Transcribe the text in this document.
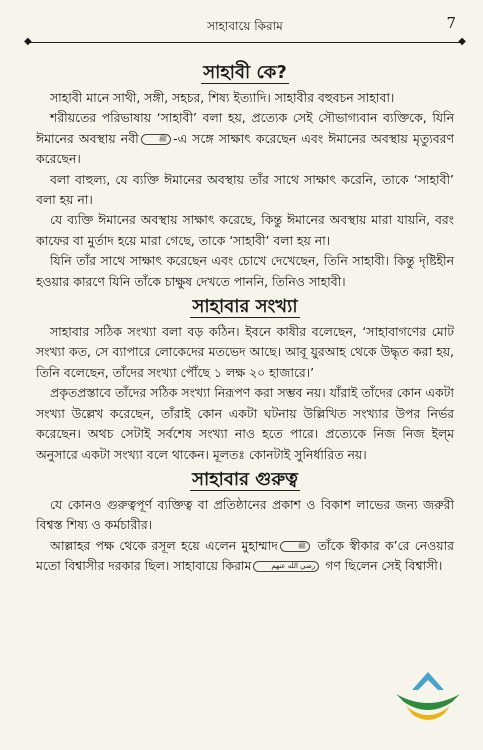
সাহাবায়ে কিরাম	7
◆	◆
সাহাবী কে?

সাহাবী মানে সাথী, সঙ্গী, সহচর, শিষ্য ইত্যাদি। সাহাবীর বহুবচন সাহাবা।

শরীয়তের পরিভাষায় ‘সাহাবী’ বলা হয়, প্রত্যেক সেই সৌভাগ্যবান ব্যক্তিকে, যিনি ঈমানের অবস্থায় নবী	ﷺ -এ সঙ্গে সাক্ষাৎ করেছেন এবং ঈমানের অবস্থায় মৃত্যুবরণ করেছেন।

বলা বাহুল্য, যে ব্যক্তি ঈমানের অবস্থায় তাঁর সাথে সাক্ষাৎ করেনি, তাকে ‘সাহাবী’ বলা হয় না।

যে ব্যক্তি ঈমানের অবস্থায় সাক্ষাৎ করেছে, কিন্তু ঈমানের অবস্থায় মারা যায়নি, বরং কাফের বা মুর্তাদ হয়ে মারা গেছে, তাকে ‘সাহাবী’ বলা হয় না।

যিনি তাঁর সাথে সাক্ষাৎ করেছেন এবং চোখে দেখেছেন, তিনি সাহাবী। কিন্তু দৃষ্টিহীন হওয়ার কারণে যিনি তাঁকে চাক্ষুষ দেখতে পাননি, তিনিও সাহাবী।

সাহাবার সংখ্যা

সাহাবার সঠিক সংখ্যা বলা বড় কঠিন। ইবনে কাষীর বলেছেন, ‘সাহাবাগণের মোট সংখ্যা কত, সে ব্যাপারে লোকেদের মতভেদ আছে। আবূ যুরআহ থেকে উদ্ধৃত করা হয়, তিনি বলেছেন, তাঁদের সংখ্যা পৌঁছে ১ লক্ষ ২০ হাজারে।’

প্রকৃতপ্রস্তাবে তাঁদের সঠিক সংখ্যা নিরূপণ করা সম্ভব নয়। যাঁরাই তাঁদের কোন একটা সংখ্যা উল্লেখ করেছেন, তাঁরাই কোন একটা ঘটনায় উল্লিখিত সংখ্যার উপর নির্ভর করেছেন। অথচ সেটাই সর্বশেষ সংখ্যা নাও হতে পারে। প্রত্যেকে নিজ নিজ ইল্‌ম অনুসারে একটা সংখ্যা বলে থাকেন। মূলতঃ কোনটাই সুনির্ধারিত নয়।

সাহাবার গুরুত্ব

যে কোনও গুরুত্বপূর্ণ ব্যক্তিত্ব বা প্রতিষ্ঠানের প্রকাশ ও বিকাশ লাভের জন্য জরুরী বিশ্বস্ত শিষ্য ও কর্মচারীর।

আল্লাহর পক্ষ থেকে রসূল হয়ে এলেন মুহাম্মাদ	ﷺ তাঁকে স্বীকার ক’রে নেওয়ার মতো বিশ্বাসীর দরকার ছিল। সাহাবায়ে কিরাম	رضي الله عنهم গণ ছিলেন সেই বিশ্বাসী।
